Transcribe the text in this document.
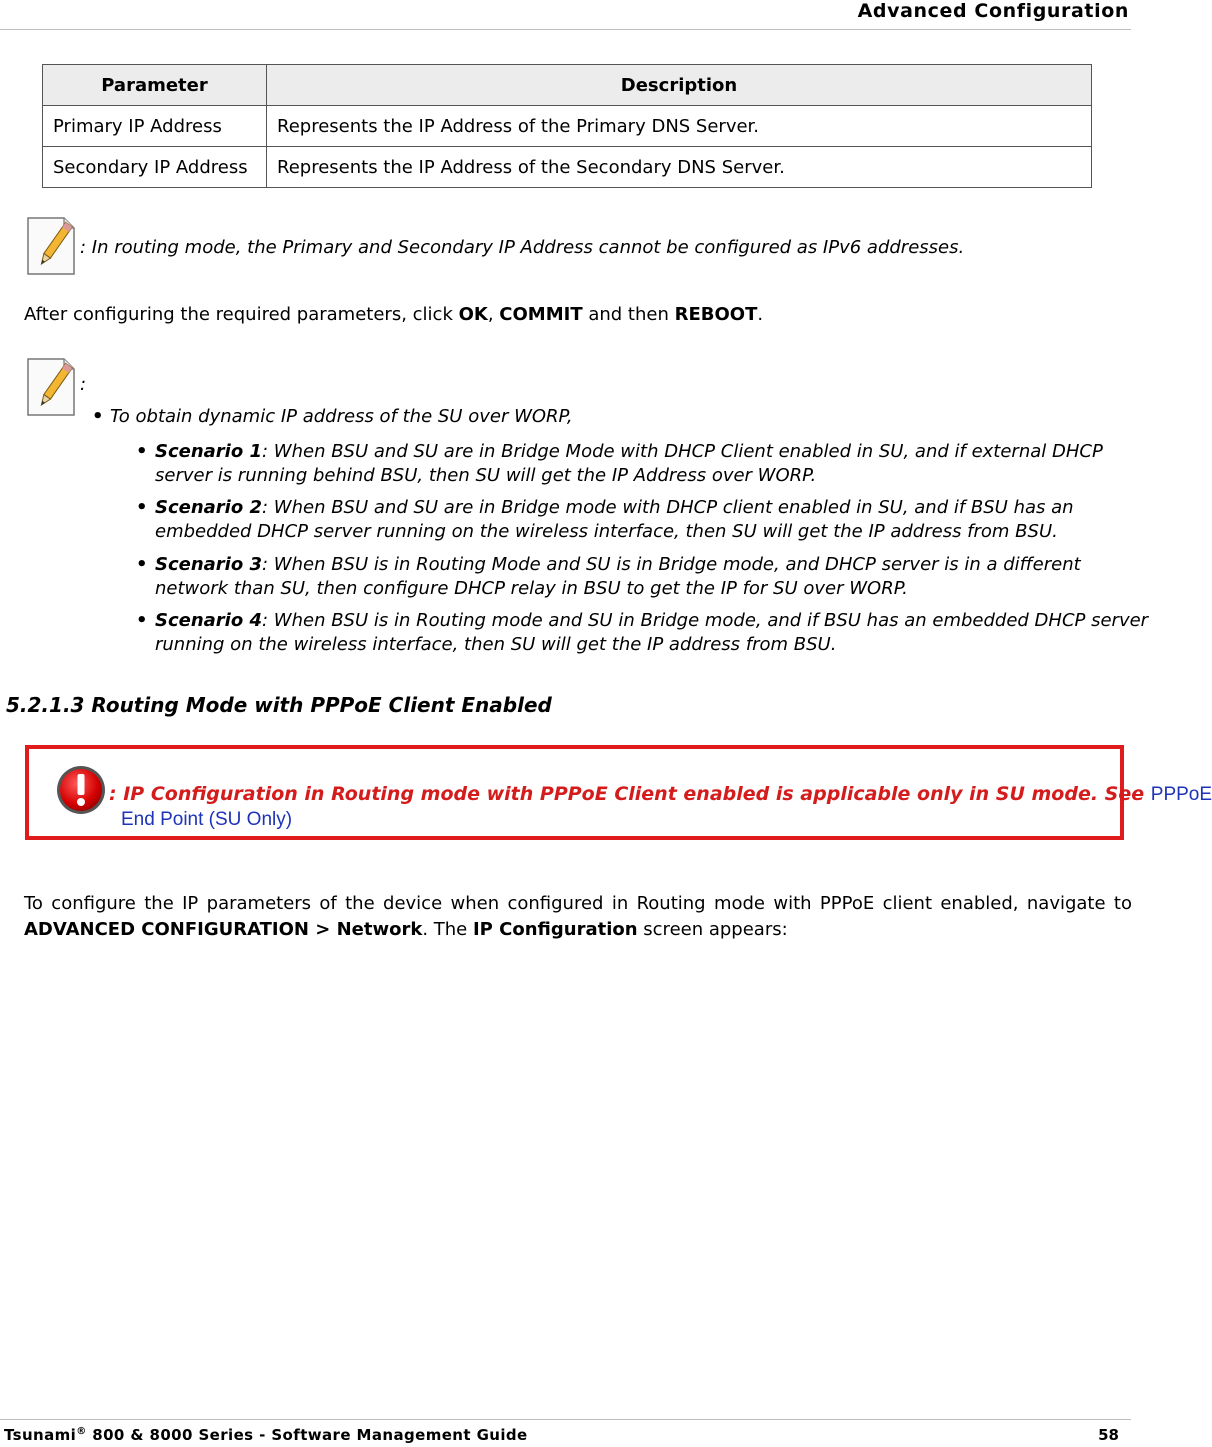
Advanced Configuration
Parameter	Description
Primary IP Address	Represents the IP Address of the Primary DNS Server.
Secondary IP Address	Represents the IP Address of the Secondary DNS Server.
: In routing mode, the Primary and Secondary IP Address cannot be configured as IPv6 addresses.
After configuring the required parameters, click OK, COMMIT and then REBOOT.
:
• To obtain dynamic IP address of the SU over WORP,
• Scenario 1: When BSU and SU are in Bridge Mode with DHCP Client enabled in SU, and if external DHCP
server is running behind BSU, then SU will get the IP Address over WORP.
• Scenario 2: When BSU and SU are in Bridge mode with DHCP client enabled in SU, and if BSU has an
embedded DHCP server running on the wireless interface, then SU will get the IP address from BSU.
• Scenario 3: When BSU is in Routing Mode and SU is in Bridge mode, and DHCP server is in a different
network than SU, then configure DHCP relay in BSU to get the IP for SU over WORP.
• Scenario 4: When BSU is in Routing mode and SU in Bridge mode, and if BSU has an embedded DHCP server
running on the wireless interface, then SU will get the IP address from BSU.
5.2.1.3 Routing Mode with PPPoE Client Enabled
: IP Configuration in Routing mode with PPPoE Client enabled is applicable only in SU mode. See PPPoE
End Point (SU Only)
To configure the IP parameters of the device when configured in Routing mode with PPPoE client enabled, navigate to ADVANCED CONFIGURATION > Network. The IP Configuration screen appears:
Tsunami® 800 & 8000 Series - Software Management Guide	58
